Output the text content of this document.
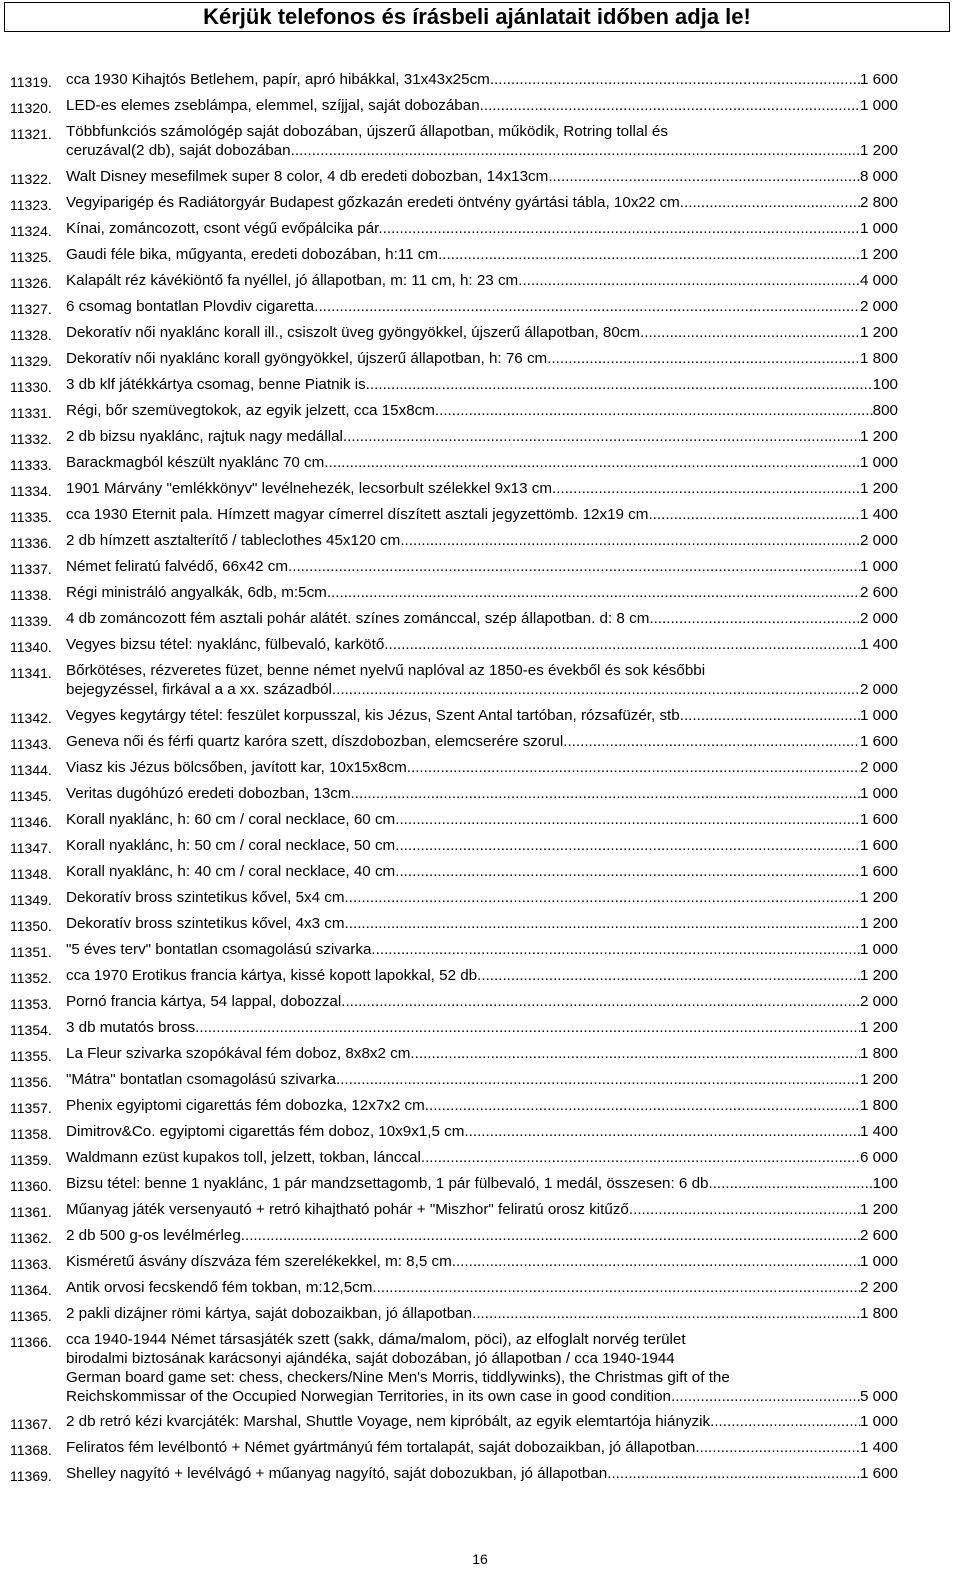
Kérjük telefonos és írásbeli ajánlatait időben adja le!
11319. cca 1930 Kihajtós Betlehem, papír, apró hibákkal, 31x43x25cm .....	1 600
11320. LED-es elemes zseblámpa, elemmel, szíjjal, saját dobozában .....	1 000
11321. Többfunkciós számológép saját dobozában, újszerű állapotban, működik, Rotring tollal és
ceruzával(2 db), saját dobozában .....	1 200
11322. Walt Disney mesefilmek super 8 color, 4 db eredeti dobozban, 14x13cm .....	8 000
11323. Vegyiparigép és Radiátorgyár Budapest gőzkazán eredeti öntvény gyártási tábla, 10x22 cm .....	2 800
11324. Kínai, zománcozott, csont végű evőpálcika pár. .....	1 000
11325. Gaudi féle bika, műgyanta, eredeti dobozában, h:11 cm .....	1 200
11326. Kalapált réz kávékiöntő fa nyéllel, jó állapotban, m: 11 cm, h: 23 cm .....	4 000
11327. 6 csomag bontatlan Plovdiv cigaretta .....	2 000
11328. Dekoratív női nyaklánc korall ill., csiszolt üveg gyöngyökkel, újszerű állapotban, 80cm .....	1 200
11329. Dekoratív női nyaklánc korall gyöngyökkel, újszerű állapotban, h: 76 cm .....	1 800
11330. 3 db klf játékkártya csomag, benne Piatnik is. .....	100
11331. Régi, bőr szemüvegtokok, az egyik jelzett, cca 15x8cm .....	800
11332. 2 db bizsu nyaklánc, rajtuk nagy medállal .....	1 200
11333. Barackmagból készült nyaklánc 70 cm .....	1 000
11334. 1901 Márvány "emlékkönyv" levélnehezék, lecsorbult szélekkel 9x13 cm .....	1 200
11335. cca 1930 Eternit pala. Hímzett magyar címerrel díszített asztali jegyzettömb. 12x19 cm .....	1 400
11336. 2 db hímzett asztalterítő / tableclothes 45x120 cm .....	2 000
11337. Német feliratú falvédő, 66x42 cm. .....	1 000
11338. Régi ministráló angyalkák, 6db, m:5cm .....	2 600
11339. 4 db zománcozott fém asztali pohár alátét. színes zománccal, szép állapotban. d: 8 cm .....	2 000
11340. Vegyes bizsu tétel: nyaklánc, fülbevaló, karkötő .....	1 400
11341. Bőrkötéses, rézveretes füzet, benne német nyelvű naplóval az 1850-es évekből és sok későbbi
bejegyzéssel, firkával a a xx. századból .....	2 000
11342. Vegyes kegytárgy tétel: feszület korpusszal, kis Jézus, Szent Antal tartóban, rózsafüzér, stb. .....	1 000
11343. Geneva női és férfi quartz karóra szett, díszdobozban, elemcserére szorul .....	1 600
11344. Viasz kis Jézus bölcsőben, javított kar, 10x15x8cm .....	2 000
11345. Veritas dugóhúzó eredeti dobozban, 13cm .....	1 000
11346. Korall nyaklánc, h: 60 cm / coral necklace, 60 cm .....	1 600
11347. Korall nyaklánc, h: 50 cm / coral necklace, 50 cm .....	1 600
11348. Korall nyaklánc, h: 40 cm / coral necklace, 40 cm .....	1 600
11349. Dekoratív bross szintetikus kővel, 5x4 cm .....	1 200
11350. Dekoratív bross szintetikus kővel, 4x3 cm .....	1 200
11351. "5 éves terv" bontatlan csomagolású szivarka .....	1 000
11352. cca 1970 Erotikus francia kártya, kissé kopott lapokkal, 52 db .....	1 200
11353. Pornó francia kártya, 54 lappal, dobozzal .....	2 000
11354. 3 db mutatós bross .....	1 200
11355. La Fleur szivarka szopókával fém doboz, 8x8x2 cm .....	1 800
11356. "Mátra" bontatlan csomagolású szivarka .....	1 200
11357. Phenix egyiptomi cigarettás fém dobozka, 12x7x2 cm .....	1 800
11358. Dimitrov&Co. egyiptomi cigarettás fém doboz, 10x9x1,5 cm .....	1 400
11359. Waldmann ezüst kupakos toll, jelzett, tokban, lánccal .....	6 000
11360. Bizsu tétel: benne 1 nyaklánc, 1 pár mandzsettagomb, 1 pár fülbevaló, 1 medál, összesen: 6 db .....	100
11361. Műanyag játék versenyautó + retró kihajtható pohár + "Miszhor" feliratú orosz kitűző .....	1 200
11362. 2 db 500 g-os levélmérleg .....	2 600
11363. Kisméretű ásvány díszváza fém szerelékekkel, m: 8,5 cm .....	1 000
11364. Antik orvosi fecskendő fém tokban, m:12,5cm .....	2 200
11365. 2 pakli dizájner römi kártya, saját dobozaikban, jó állapotban .....	1 800
11366. cca 1940-1944 Német társasjáték szett (sakk, dáma/malom, pöci), az elfoglalt norvég terület
birodalmi biztosának karácsonyi ajándéka, saját dobozában, jó állapotban / cca 1940-1944
German board game set: chess, checkers/Nine Men's Morris, tiddlywinks), the Christmas gift of the
Reichskommissar of the Occupied Norwegian Territories, in its own case in good condition .....	5 000
11367. 2 db retró kézi kvarcjáték: Marshal, Shuttle Voyage, nem kipróbált, az egyik elemtartója hiányzik .....	1 000
11368. Feliratos fém levélbontó + Német gyártmányú fém tortalapát, saját dobozaikban, jó állapotban .....	1 400
11369. Shelley nagyító + levélvágó + műanyag nagyító, saját dobozukban, jó állapotban .....	1 600
16
